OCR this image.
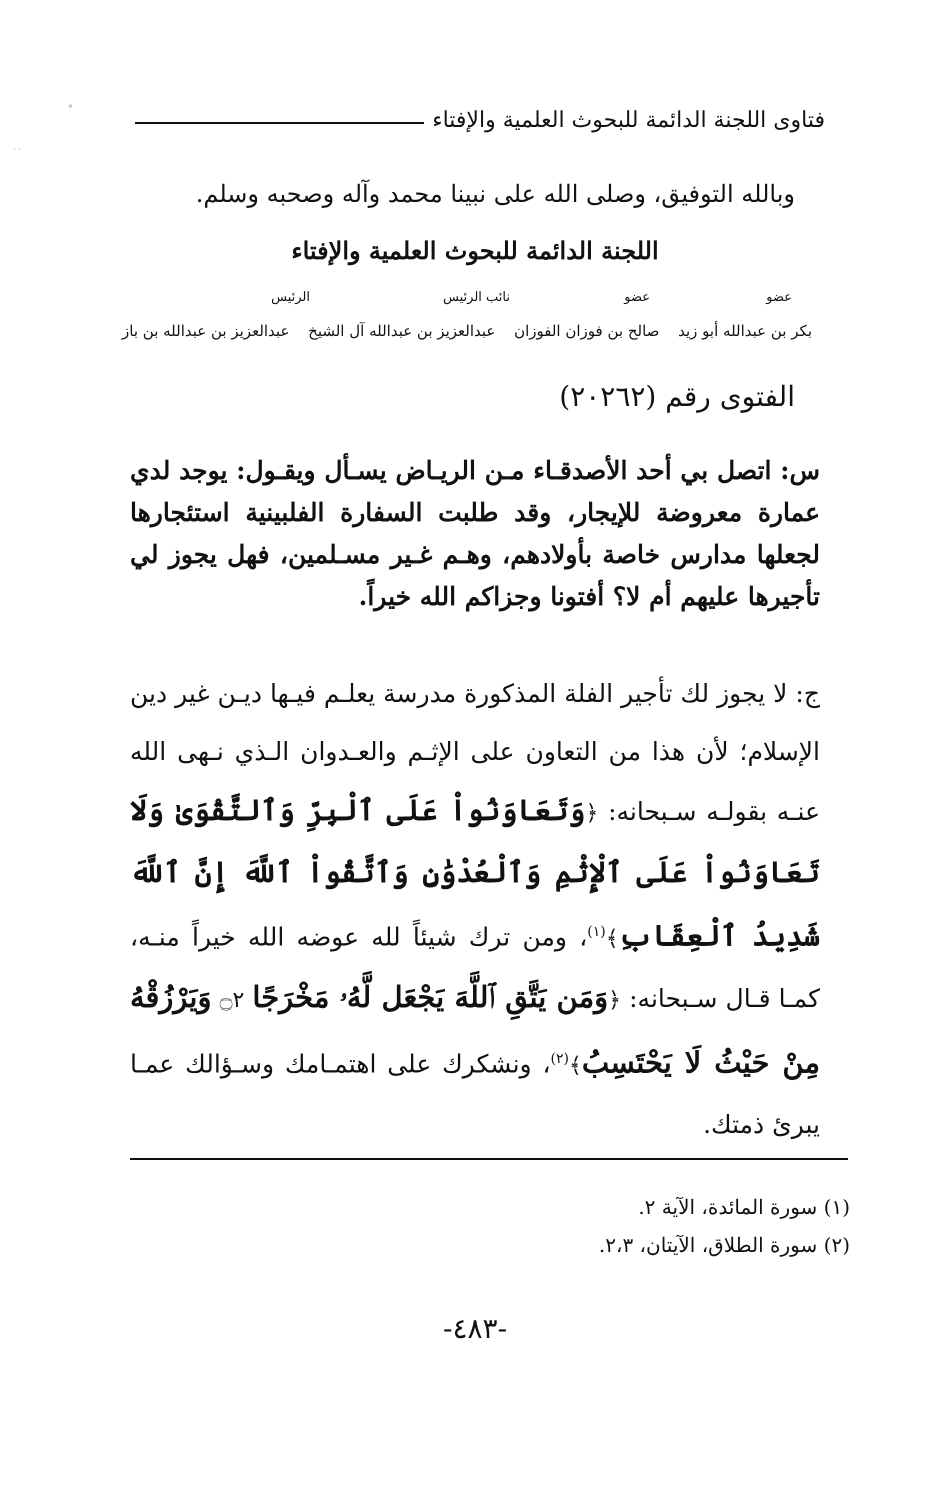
°
˙˙
فتاوى اللجنة الدائمة للبحوث العلمية والإفتاء
وبالله التوفيق، وصلى الله على نبينا محمد وآله وصحبه وسلم.
اللجنة الدائمة للبحوث العلمية والإفتاء
عضو
عضو
نائب الرئيس
الرئيس
بكر بن عبدالله أبو زيد
صالح بن فوزان الفوزان
عبدالعزيز بن عبدالله آل الشيخ
عبدالعزيز بن عبدالله بن باز
الفتوى رقم (٢٠٢٦٢)
س: اتصل بي أحد الأصدقـاء مـن الريـاض يسـأل ويقـول: يوجد لدي عمارة معروضة للإيجار، وقد طلبت السفارة الفلبينية استئجارها لجعلها مدارس خاصة بأولادهم، وهـم غـير مسـلمين، فهل يجوز لي تأجيرها عليهم أم لا؟ أفتونا وجزاكم الله خيراً.
ج: لا يجوز لك تأجير الفلة المذكورة مدرسة يعلـم فيـها ديـن غير دين الإسلام؛ لأن هذا من التعاون على الإثـم والعـدوان الـذي نـهى الله عنـه بقولـه سـبحانه: ﴿وَتَعَاوَنُواْ عَلَى ٱلْبِرِّ وَٱلتَّقْوَىٰ وَلَا تَعَاوَنُواْ عَلَى ٱلْإِثْمِ وَٱلْعُدْوَٰنِ وَٱتَّقُواْ ٱللَّهَ إِنَّ ٱللَّهَ شَدِيدُ ٱلْعِقَابِ﴾$^{(١)}$، ومن ترك شيئاً لله عوضه الله خيراً منـه، كمـا قـال سـبحانه: ﴿وَمَن يَتَّقِ ٱللَّهَ يَجْعَل لَّهُۥ مَخْرَجًا ۝٢ وَيَرْزُقْهُ مِنْ حَيْثُ لَا يَحْتَسِبُ﴾$^{(٢)}$، ونشكرك على اهتمـامك وسـؤالك عمـا يبرئ ذمتك.
(١) سورة المائدة، الآية ٢.
(٢) سورة الطلاق، الآيتان، ٢،٣.
-٤٨٣-
